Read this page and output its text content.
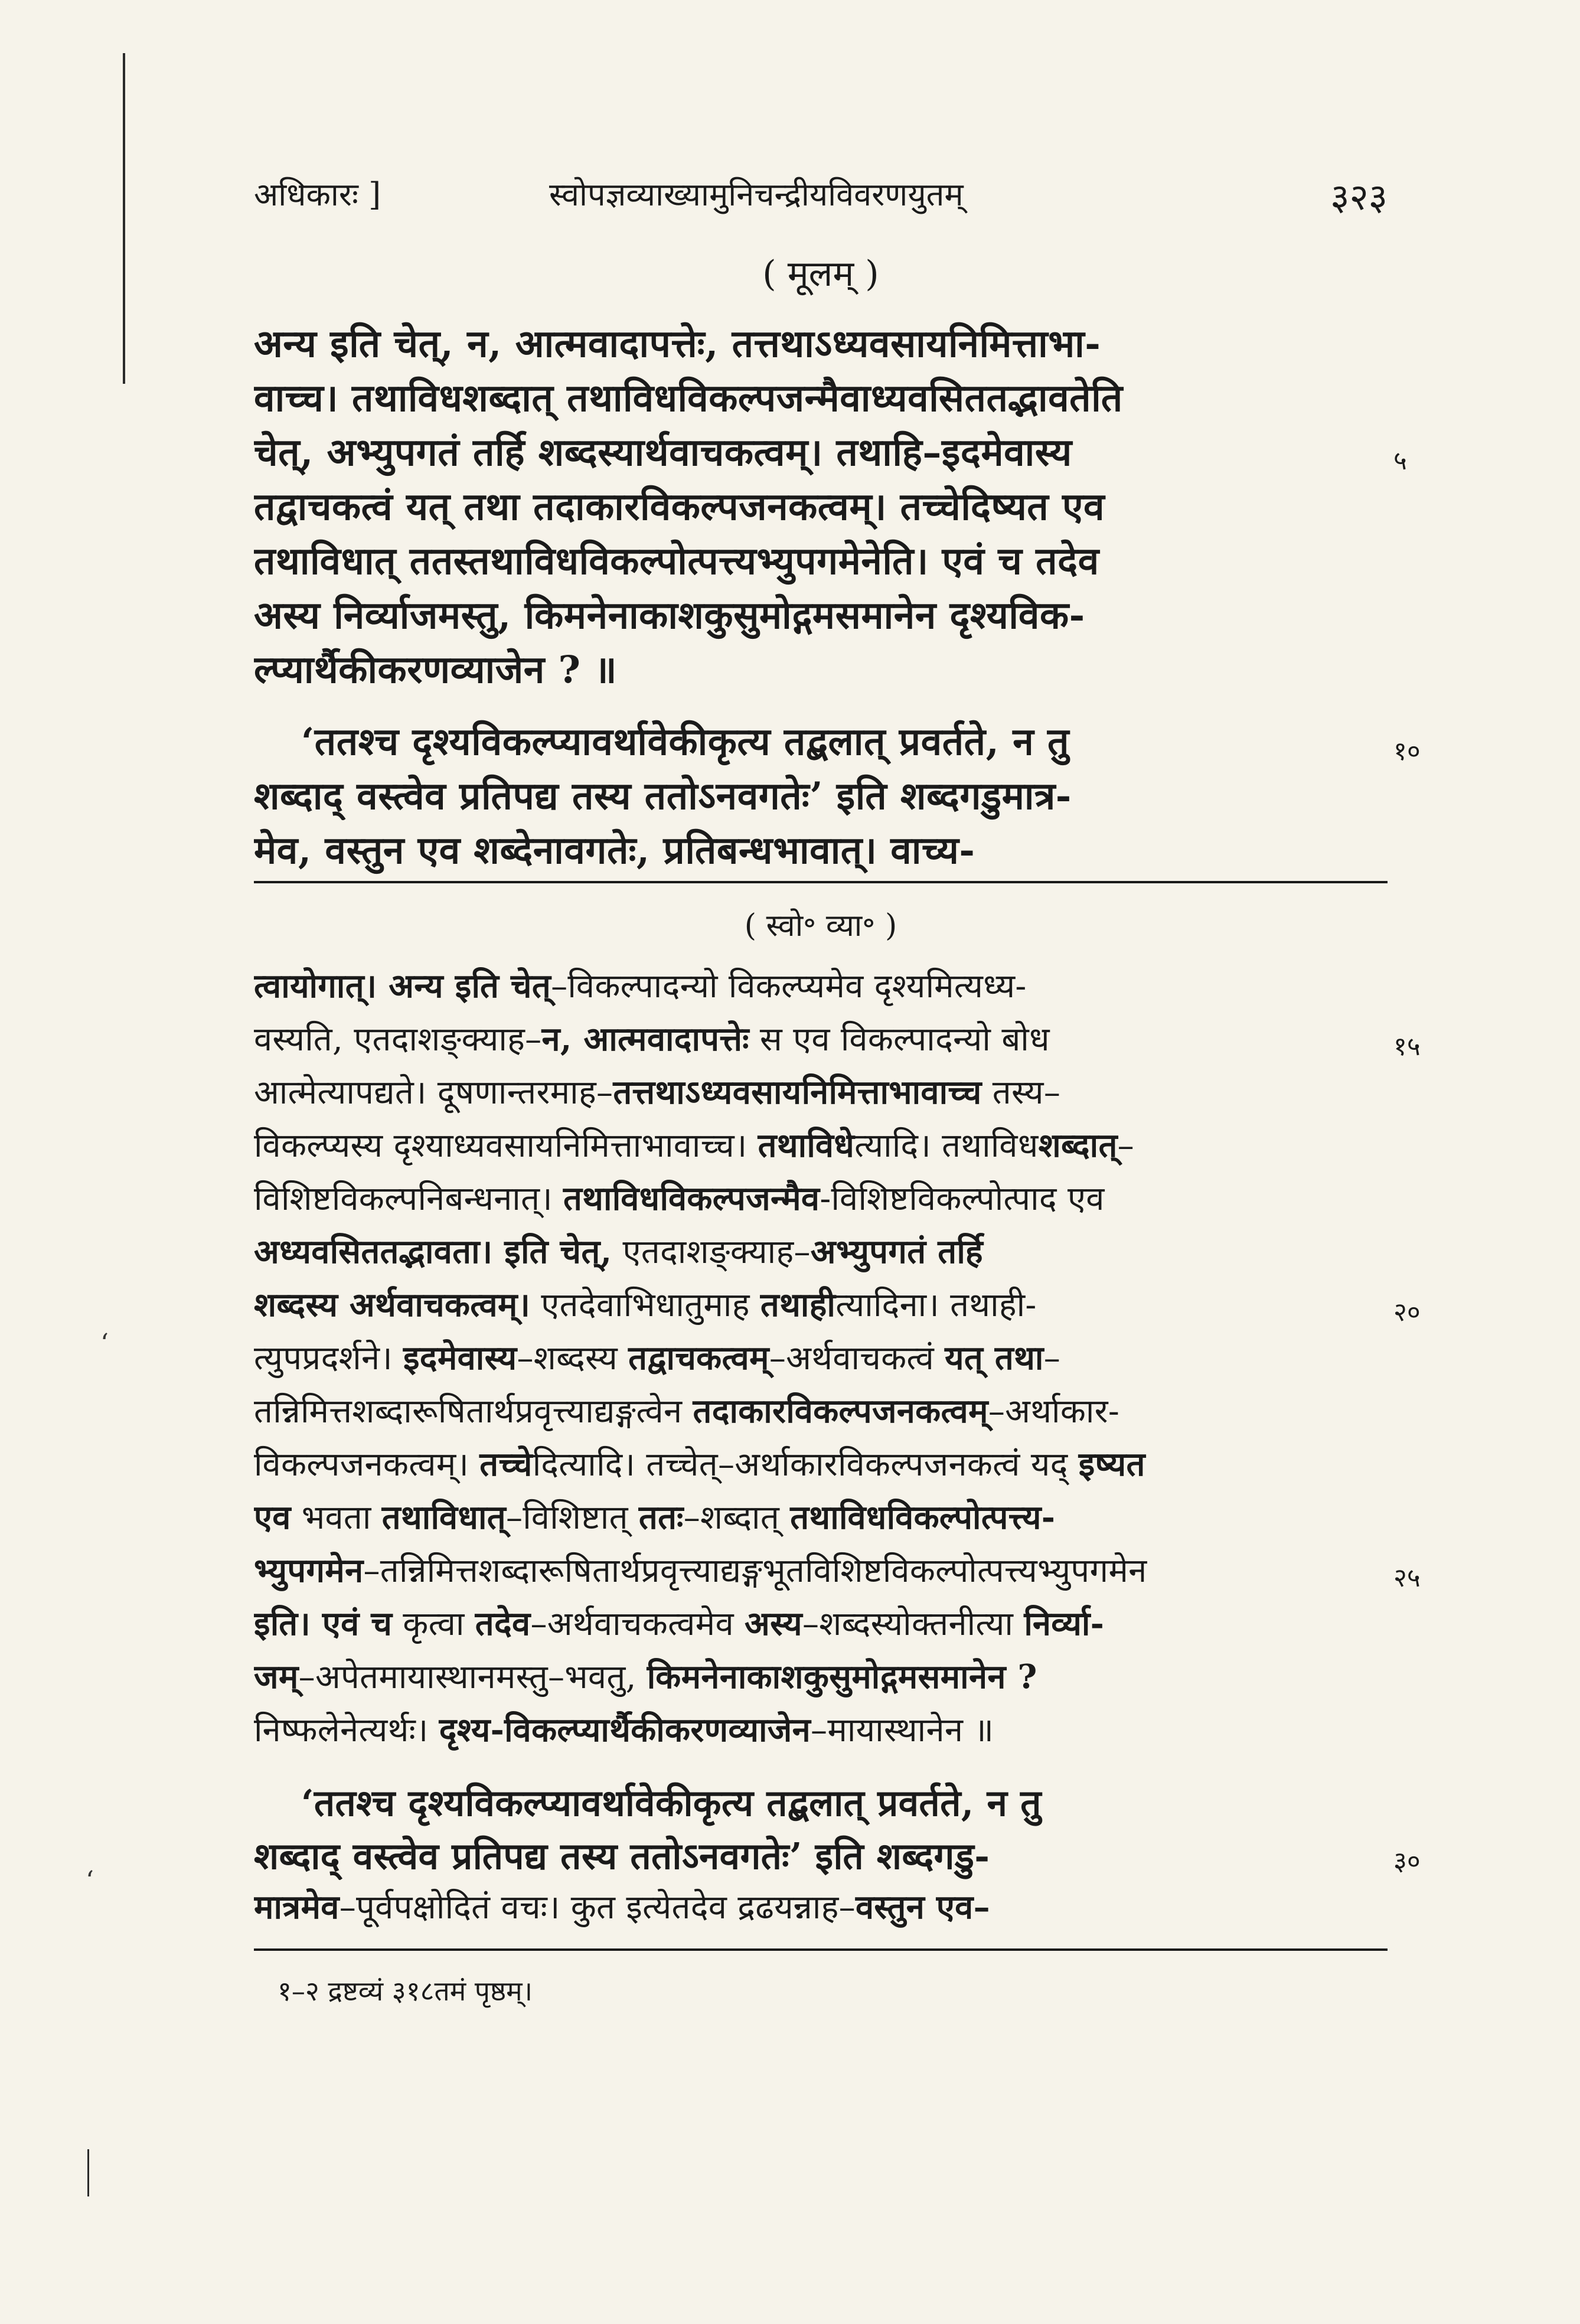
अधिकारः ]	स्वोपज्ञव्याख्यामुनिचन्द्रीयविवरणयुतम्	३२३
( मूलम् )
अन्य इति चेत्, न, आत्मवादापत्तेः, तत्तथाऽध्यवसायनिमित्ताभा-
वाच्च। तथाविधशब्दात् तथाविधविकल्पजन्मैवाध्यवसिततद्भावतेति
चेत्, अभ्युपगतं तर्हि शब्दस्यार्थवाचकत्वम्। तथाहि–इदमेवास्य
तद्वाचकत्वं यत् तथा तदाकारविकल्पजनकत्वम्। तच्चेदिष्यत एव
तथाविधात् ततस्तथाविधविकल्पोत्पत्त्यभ्युपगमेनेति। एवं च तदेव
अस्य निर्व्याजमस्तु, किमनेनाकाशकुसुमोद्गमसमानेन दृश्यविक-
ल्प्यार्थैकीकरणव्याजेन ? ॥
‘ततश्च दृश्यविकल्प्यावर्थावेकीकृत्य तद्बलात् प्रवर्तते, न तु
शब्दाद् वस्त्वेव प्रतिपद्य तस्य ततोऽनवगतेः’ इति शब्दगडुमात्र-
मेव, वस्तुन एव शब्देनावगतेः, प्रतिबन्धभावात्। वाच्य-
( स्वो॰ व्या॰ )
त्वायोगात्। अन्य इति चेत्–विकल्पादन्यो विकल्प्यमेव दृश्यमित्यध्य-
वस्यति, एतदाशङ्क्याह–न, आत्मवादापत्तेः स एव विकल्पादन्यो बोध
आत्मेत्यापद्यते। दूषणान्तरमाह–तत्तथाऽध्यवसायनिमित्ताभावाच्च तस्य–
विकल्प्यस्य दृश्याध्यवसायनिमित्ताभावाच्च। तथाविधेत्यादि। तथाविधशब्दात्–
विशिष्टविकल्पनिबन्धनात्। तथाविधविकल्पजन्मैव-विशिष्टविकल्पोत्पाद एव
अध्यवसिततद्भावता। इति चेत्, एतदाशङ्क्याह–अभ्युपगतं तर्हि
शब्दस्य अर्थवाचकत्वम्। एतदेवाभिधातुमाह तथाहीत्यादिना। तथाही-
त्युपप्रदर्शने। इदमेवास्य–शब्दस्य तद्वाचकत्वम्–अर्थवाचकत्वं यत् तथा–
तन्निमित्तशब्दारूषितार्थप्रवृत्त्याद्यङ्गत्वेन तदाकारविकल्पजनकत्वम्–अर्थाकार-
विकल्पजनकत्वम्। तच्चेदित्यादि। तच्चेत्–अर्थाकारविकल्पजनकत्वं यद् इष्यत
एव भवता तथाविधात्–विशिष्टात् ततः–शब्दात् तथाविधविकल्पोत्पत्त्य-
भ्युपगमेन–तन्निमित्तशब्दारूषितार्थप्रवृत्त्याद्यङ्गभूतविशिष्टविकल्पोत्पत्त्यभ्युपगमेन
इति। एवं च कृत्वा तदेव–अर्थवाचकत्वमेव अस्य–शब्दस्योक्तनीत्या निर्व्या-
जम्–अपेतमायास्थानमस्तु–भवतु, किमनेनाकाशकुसुमोद्गमसमानेन ?
निष्फलेनेत्यर्थः। दृश्य-विकल्प्यार्थैकीकरणव्याजेन–मायास्थानेन ॥
‘ततश्च दृश्यविकल्प्यावर्थावेकीकृत्य तद्बलात् प्रवर्तते, न तु
शब्दाद् वस्त्वेव प्रतिपद्य तस्य ततोऽनवगतेः’ इति शब्दगडु-
मात्रमेव–पूर्वपक्षोदितं वचः। कुत इत्येतदेव द्रढयन्नाह–वस्तुन एव–
५
१०
१५
२०
२५
३०
१–२ द्रष्टव्यं ३१८तमं पृष्ठम्।
‘
‘
